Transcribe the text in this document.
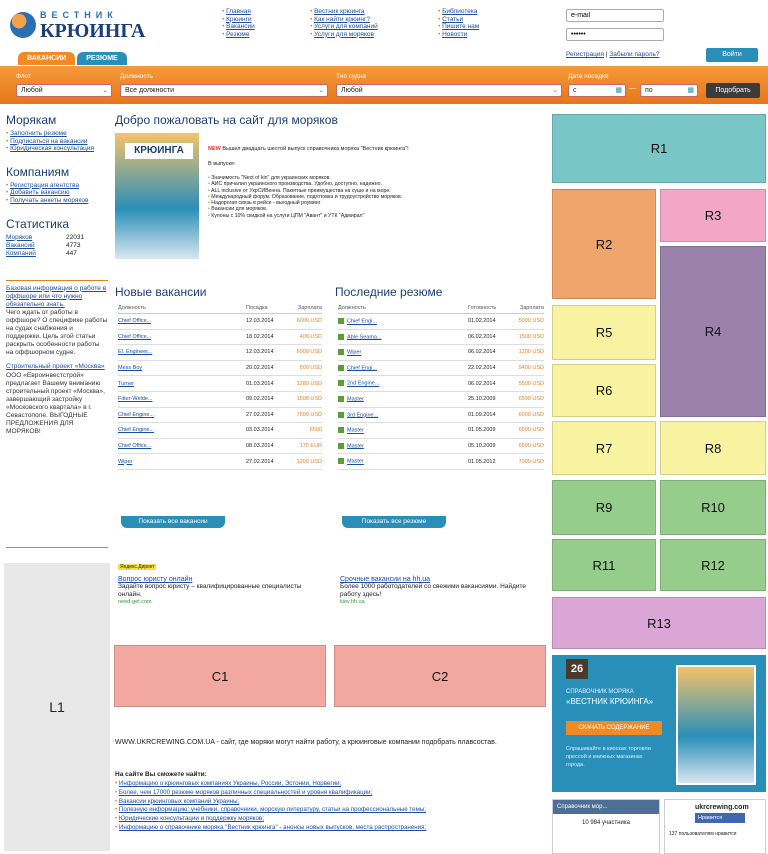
ВЕСТНИК
КРЮИНГА
• Главная
• Крюинги
• Вакансии
• Резюме
• Вестник крюинга
• Как найти крюинг?
• Услуги для компаний
• Услуги для моряков
• Библиотека
• Статьи
• Пишите нам
• Новости
e-mail
••••••
Регистрация | Забыли пароль?	Войти
ВАКАНСИИ	РЕЗЮМЕ
Флот
Любой	⌄
Должность
Все должности	⌄
Тип судна
Любой	⌄
Дата посадки
с	▦ —	по	▦	Подобрать
Морякам
• Заполнить резюме
• Подписаться на вакансии
• Юридическая консультация
Компаниям
• Регистрация агентства
• Добавить вакансию
• Получать анкеты моряков
Статистика
Моряков	22031
Вакансий	4773
Компаний	447
Базовая информация о работе в оффшоре или что нужно обязательно знать.
Чего ждать от работы в оффшоре? О специфике работы на судах снабжения и поддержки. Цель этой статьи раскрыть особенности работы на оффшорном судне.
Строительный проект «Москва»
ООО «Евроинвестстрой» предлагает Вашему вниманию строительный проект «Москва», завершающий застройку «Московского квартала» в г. Севастополе. ВЫГОДНЫЕ ПРЕДЛОЖЕНИЯ ДЛЯ МОРЯКОВ!
L1
Добро пожаловать на сайт для моряков
КРЮИНГА	NEW Вышел двадцать шестой выпуск справочника моряка "Вестник крюинга"!
В выпуске:
• Значимость "Next of kin" для украинских моряков.
• АИС причалил украинского производства. Удобно, доступно, надежно.
• ALL inclusive от УкрСИВенна. Пакетные преимущества на суше и на море.
• Международный форум. Образование, подготовка и трудоустройство моряков.
• Надорогая связь в рейсе - выгодный роуминг
• Вакансии для моряков.
• Купоны с 10% скидкой на услуги ЦПМ "Авант" и УТК "Адмирал"
Новые вакансии
Должность	Посадка	Зарплата
Chief Office...	12.03.2014	6000 USD
Chief Office...	18.02.2014	400 USD
El. Engineer...	12.03.2014	6000 USD
Mess Boy	20.02.2014	800 USD
Turner	01.03.2014	1280 USD
Fitter-Welde...	09.02.2014	1500 USD
Chief Engine...	27.02.2014	7600 USD
Chief Engine...	03.03.2014	6500
Chief Office...	08.03.2014	170 ЕUR
Wiper	27.02.2014	1200 USD
Показать все вакансии
Последние резюме
Должность	Готовность	Зарплата
Chief Engi...	01.02.2014	5000 USD
Able Seama...	06.02.2014	1500 USD
Wiper	06.02.2014	1200 USD
Chief Engi...	22.02.2014	9400 USD
2nd Engine...	06.02.2014	5500 USD
Master	25.10.2009	6500 USD
3rd Engine...	01.09.2014	6000 USD
Master	01.05.2009	6500 USD
Master	05.10.2009	6500 USD
Master	01.05.2012	7000 USD
Показать все резюме
Яндекс.Директ
Вопрос юристу онлайн
Задайте вопрос юристу – квалифицированные специалисты онлайн.
need-get.com
Срочные вакансии на hh.ua
Более 1000 работодателей со свежими вакансиями. Найдите работу здесь!
kiev.hh.ua
C1	C2
WWW.UKRCREWING.COM.UA - сайт, где моряки могут найти работу, а крюинговые компании подобрать плавсостав.
На сайте Вы сможете найти:
• Информацию о крюинговых компаниях Украины, России, Эстонии, Норвегии;
• Более, чем 17000 резюме моряков различных специальностей и уровня квалификации;
• Вакансии крюинговых компаний Украины;
• Полезную информацию: учебники, справочники, морскую литературу, статьи на профессиональные темы;
• Юридические консультации и поддержку моряков;
• Информацию о справочнике моряка "Вестник крюинга" - анонсы новых выпусков, места распространения;
R1
R2
R3
R4
R5
R6
R7	R8
R9	R10
R11	R12
R13
26
СПРАВОЧНИК МОРЯКА
«ВЕСТНИК КРЮИНГА»
СКАЧАТЬ СОДЕРЖАНИЕ
Спрашивайте в киосках торговли прессой и книжных магазинах города.
Справочник мор...
10 984 участника
ukrcrewing.com
Нравится
137 пользователям нравится
